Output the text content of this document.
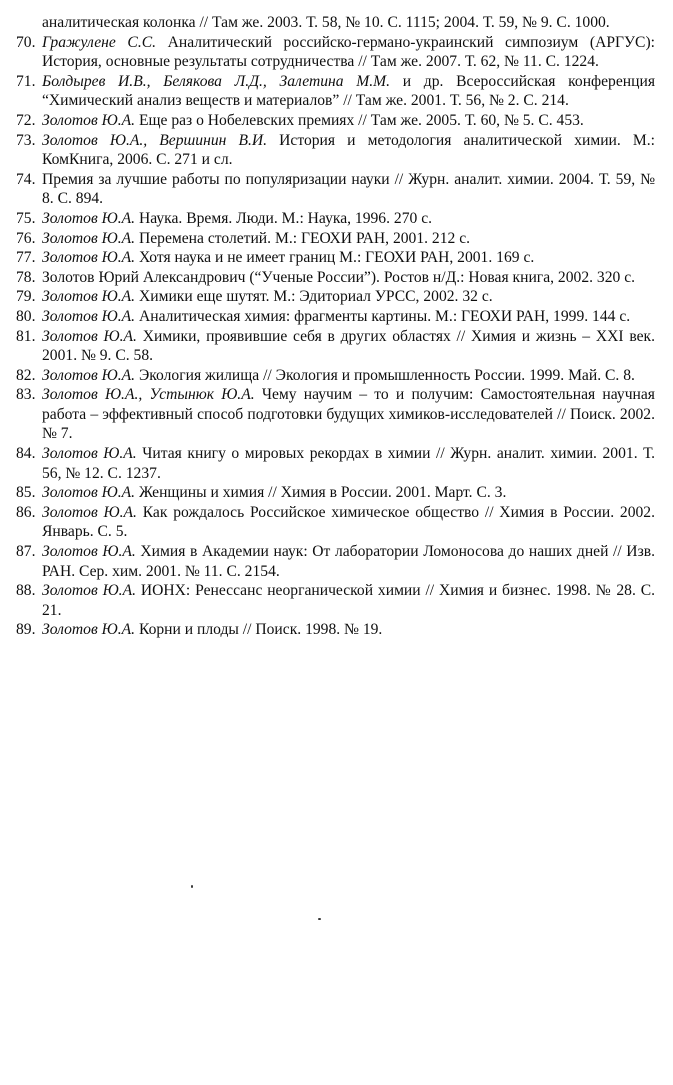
аналитическая колонка // Там же. 2003. Т. 58, № 10. С. 1115; 2004. Т. 59, № 9. С. 1000.

70. Гражулене С.С. Аналитический российско-германо-украинский симпозиум (АРГУС): История, основные результаты сотрудничества // Там же. 2007. Т. 62, № 11. С. 1224.

71. Болдырев И.В., Белякова Л.Д., Залетина М.М. и др. Всероссийская конференция “Химический анализ веществ и материалов” // Там же. 2001. Т. 56, № 2. С. 214.

72. Золотов Ю.А. Еще раз о Нобелевских премиях // Там же. 2005. Т. 60, № 5. С. 453.

73. Золотов Ю.А., Вершинин В.И. История и методология аналитической химии. М.: КомКнига, 2006. С. 271 и сл.

74. Премия за лучшие работы по популяризации науки // Журн. аналит. химии. 2004. Т. 59, № 8. С. 894.

75. Золотов Ю.А. Наука. Время. Люди. М.: Наука, 1996. 270 с.

76. Золотов Ю.А. Перемена столетий. М.: ГЕОХИ РАН, 2001. 212 с.

77. Золотов Ю.А. Хотя наука и не имеет границ М.: ГЕОХИ РАН, 2001. 169 с.

78. Золотов Юрий Александрович (“Ученые России”). Ростов н/Д.: Новая книга, 2002. 320 с.

79. Золотов Ю.А. Химики еще шутят. М.: Эдиториал УРСС, 2002. 32 с.

80. Золотов Ю.А. Аналитическая химия: фрагменты картины. М.: ГЕОХИ РАН, 1999. 144 с.

81. Золотов Ю.А. Химики, проявившие себя в других областях // Химия и жизнь – XXI век. 2001. № 9. С. 58.

82. Золотов Ю.А. Экология жилища // Экология и промышленность России. 1999. Май. С. 8.

83. Золотов Ю.А., Устынюк Ю.А. Чему научим – то и получим: Самостоятельная научная работа – эффективный способ подготовки будущих химиков-исследователей // Поиск. 2002. № 7.

84. Золотов Ю.А. Читая книгу о мировых рекордах в химии // Журн. аналит. химии. 2001. Т. 56, № 12. С. 1237.

85. Золотов Ю.А. Женщины и химия // Химия в России. 2001. Март. С. 3.

86. Золотов Ю.А. Как рождалось Российское химическое общество // Химия в России. 2002. Январь. С. 5.

87. Золотов Ю.А. Химия в Академии наук: От лаборатории Ломоносова до наших дней // Изв. РАН. Сер. хим. 2001. № 11. С. 2154.

88. Золотов Ю.А. ИОНХ: Ренессанс неорганической химии // Химия и бизнес. 1998. № 28. С. 21.

89. Золотов Ю.А. Корни и плоды // Поиск. 1998. № 19.
